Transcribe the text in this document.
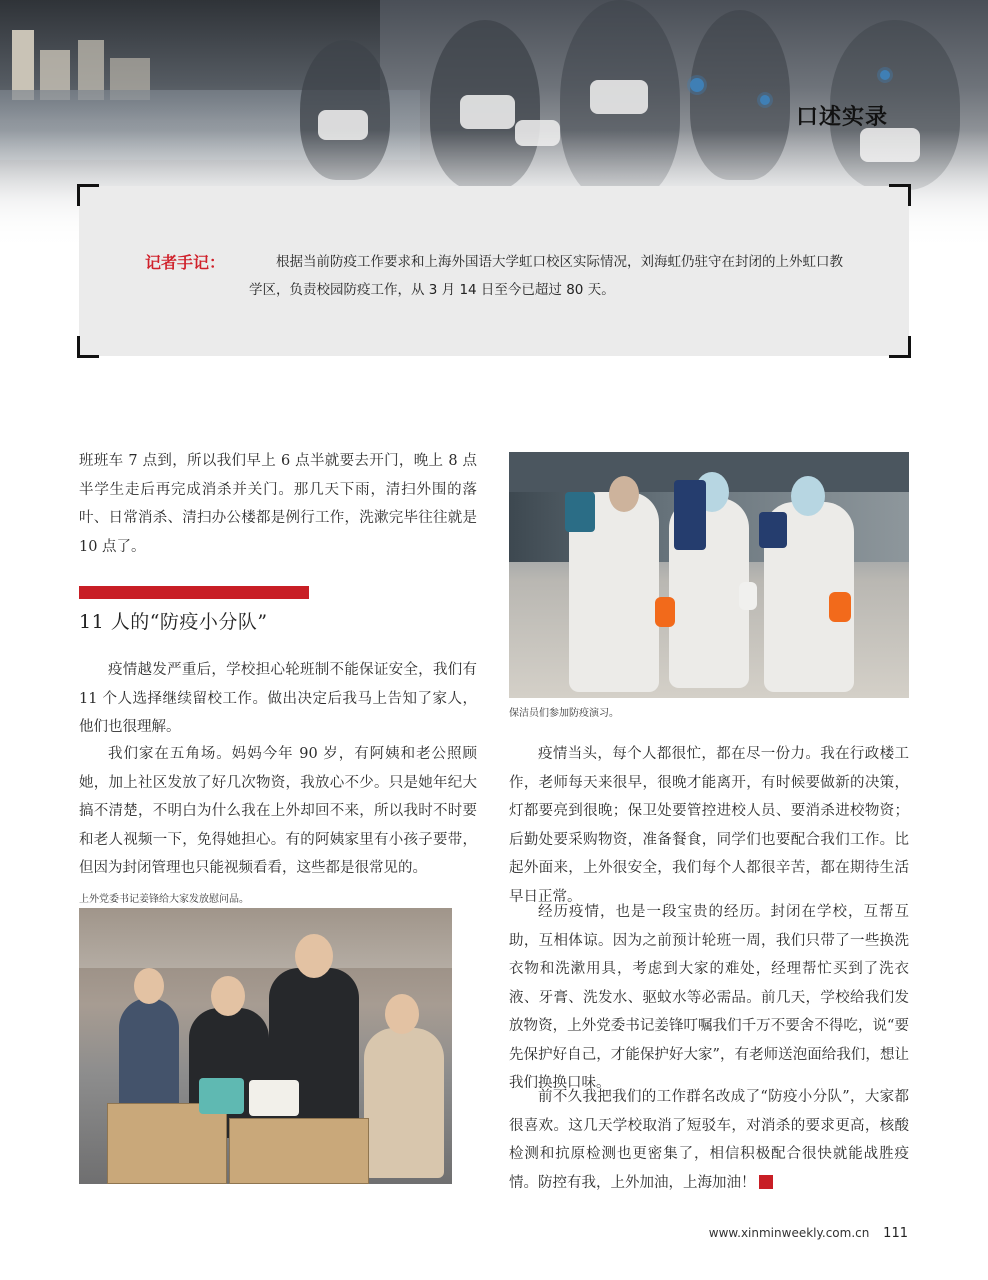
口述实录
记者手记：	根据当前防疫工作要求和上海外国语大学虹口校区实际情况，刘海虹仍驻守在封闭的上外虹口教学区，负责校园防疫工作，从 3 月 14 日至今已超过 80 天。
班班车 7 点到，所以我们早上 6 点半就要去开门，晚上 8 点半学生走后再完成消杀并关门。那几天下雨，清扫外围的落叶、日常消杀、清扫办公楼都是例行工作，洗漱完毕往往就是 10 点了。
11 人的“防疫小分队”
疫情越发严重后，学校担心轮班制不能保证安全，我们有 11 个人选择继续留校工作。做出决定后我马上告知了家人，他们也很理解。
我们家在五角场。妈妈今年 90 岁，有阿姨和老公照顾她，加上社区发放了好几次物资，我放心不少。只是她年纪大搞不清楚，不明白为什么我在上外却回不来，所以我时不时要和老人视频一下，免得她担心。有的阿姨家里有小孩子要带，但因为封闭管理也只能视频看看，这些都是很常见的。
上外党委书记姜锋给大家发放慰问品。
保洁员们参加防疫演习。
疫情当头，每个人都很忙，都在尽一份力。我在行政楼工作，老师每天来很早，很晚才能离开，有时候要做新的决策，灯都要亮到很晚；保卫处要管控进校人员、要消杀进校物资；后勤处要采购物资，准备餐食，同学们也要配合我们工作。比起外面来，上外很安全，我们每个人都很辛苦，都在期待生活早日正常。
经历疫情，也是一段宝贵的经历。封闭在学校，互帮互助，互相体谅。因为之前预计轮班一周，我们只带了一些换洗衣物和洗漱用具，考虑到大家的难处，经理帮忙买到了洗衣液、牙膏、洗发水、驱蚊水等必需品。前几天，学校给我们发放物资，上外党委书记姜锋叮嘱我们千万不要舍不得吃，说“要先保护好自己，才能保护好大家”，有老师送泡面给我们，想让我们换换口味。
前不久我把我们的工作群名改成了“防疫小分队”，大家都很喜欢。这几天学校取消了短驳车，对消杀的要求更高，核酸检测和抗原检测也更密集了，相信积极配合很快就能战胜疫情。防控有我，上外加油，上海加油！
www.xinminweekly.com.cn 111
